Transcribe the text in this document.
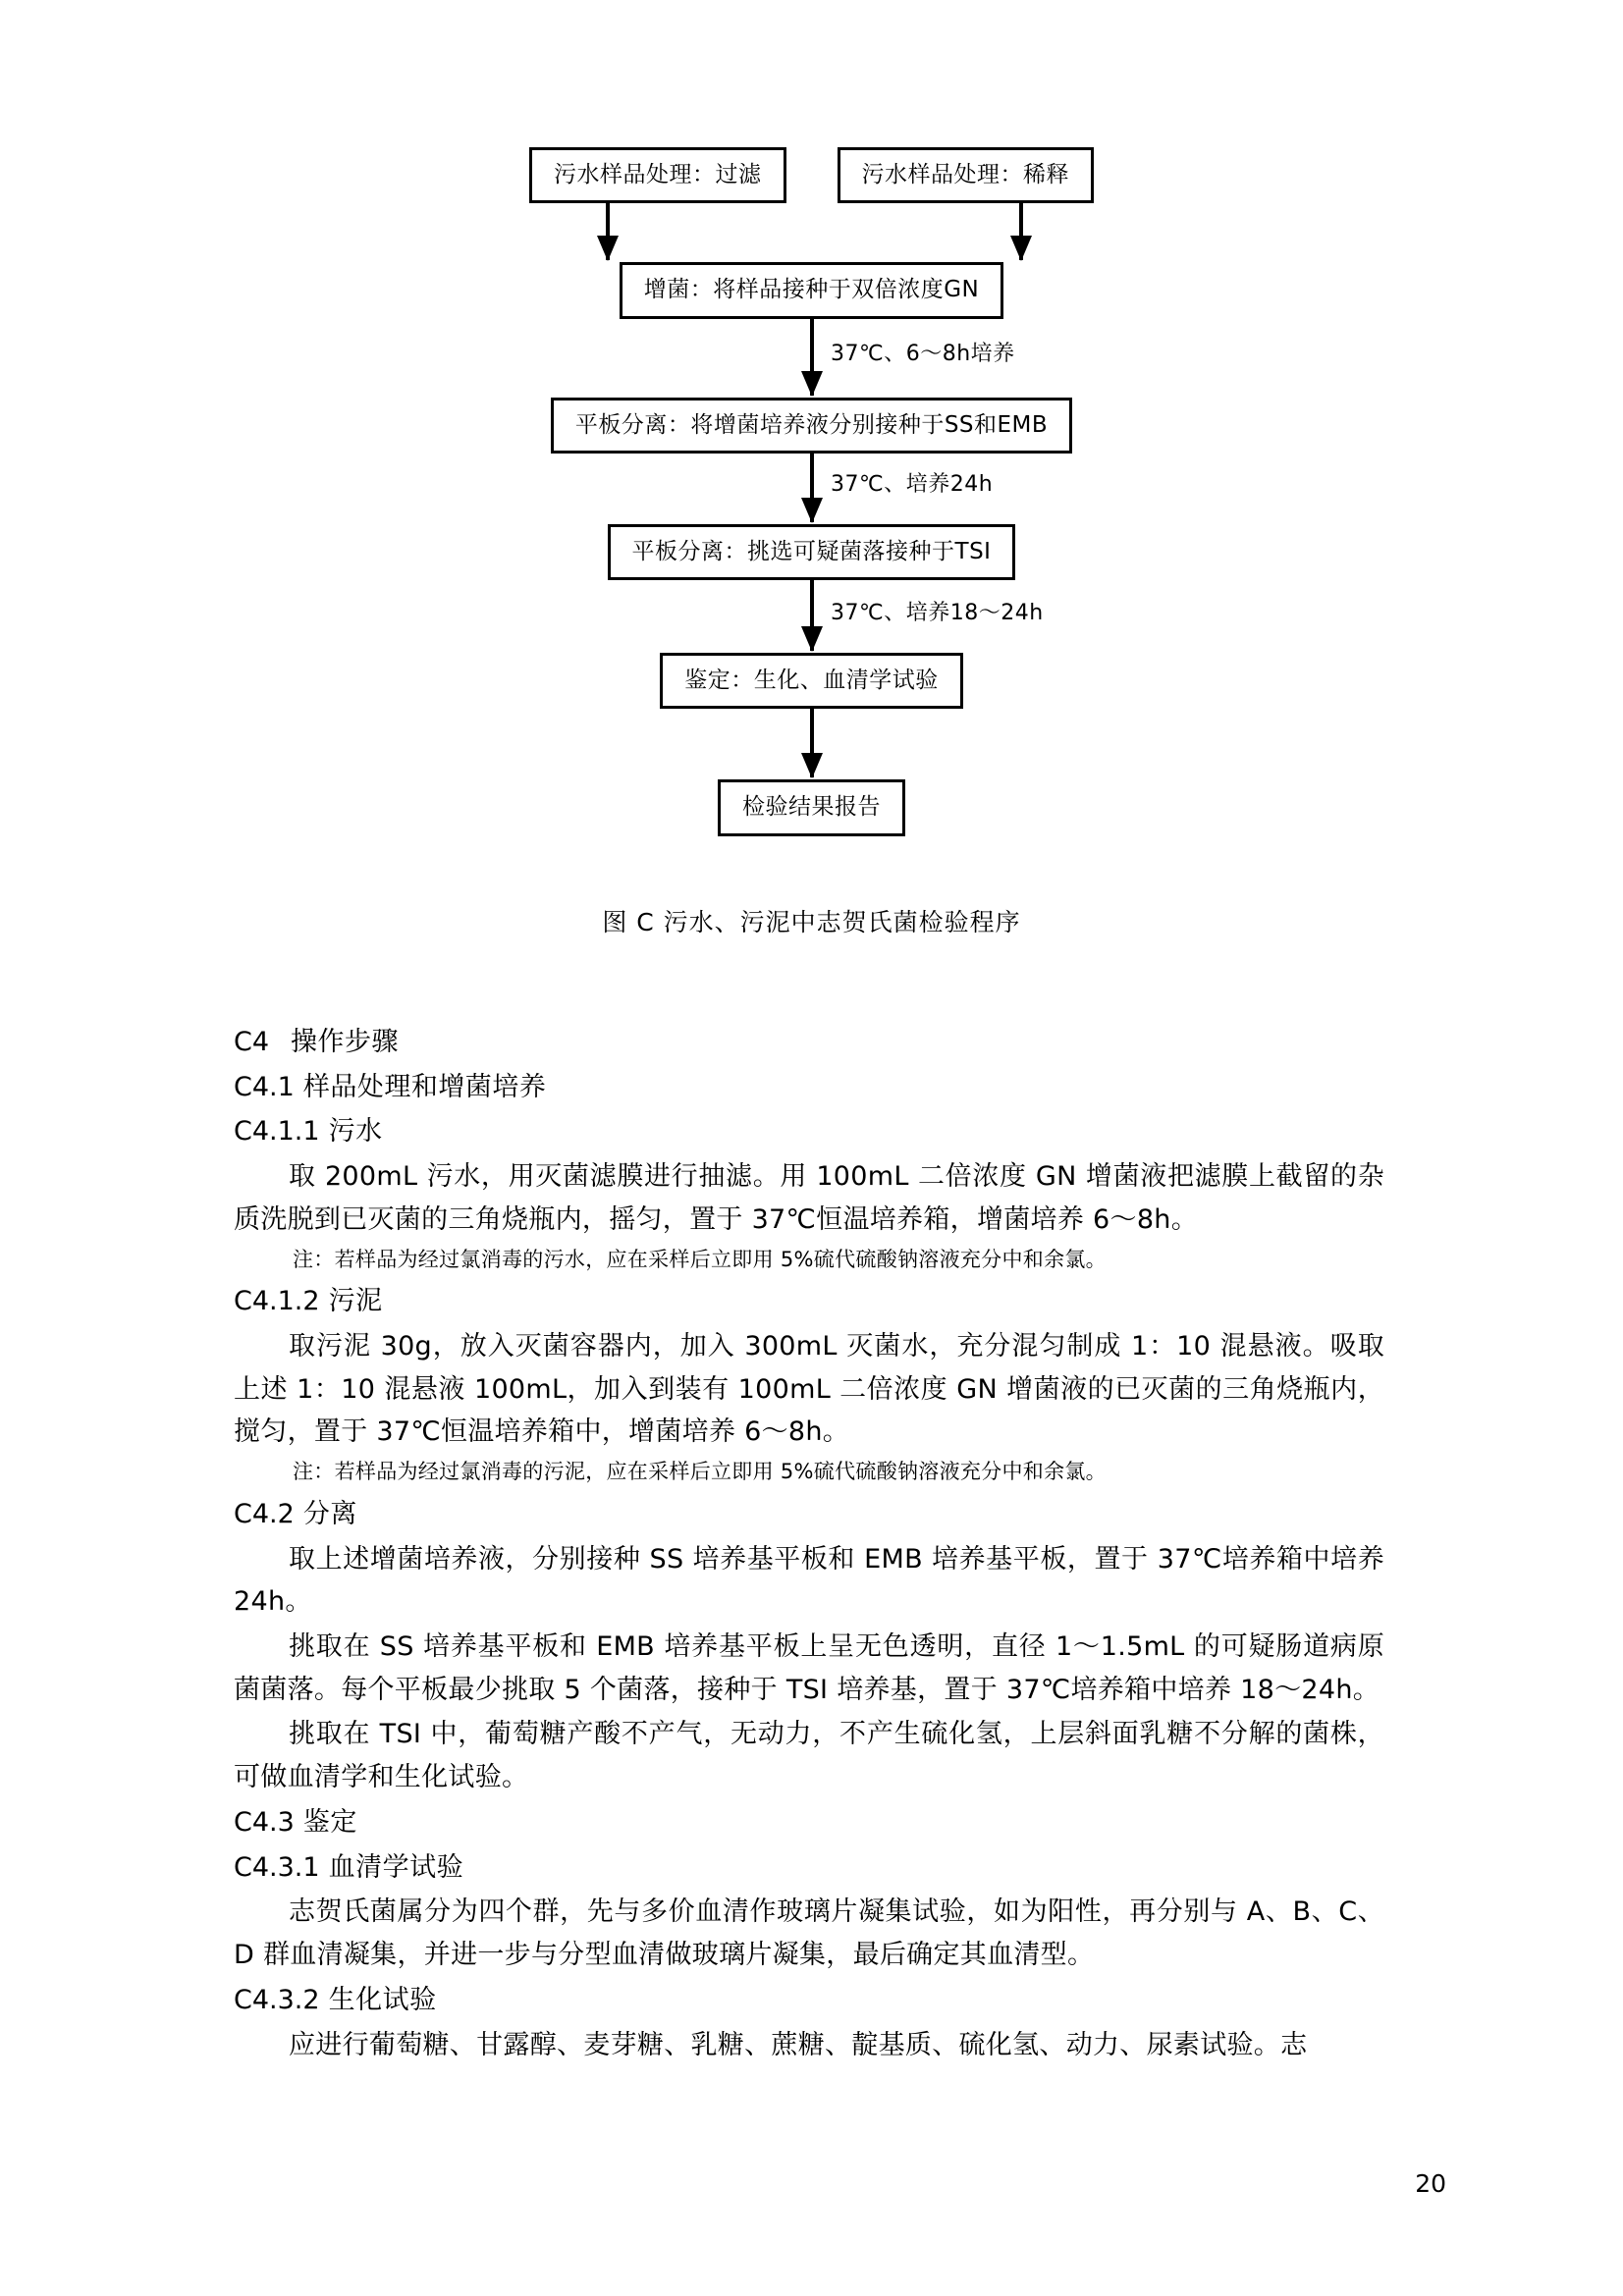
污水样品处理：过滤	污水样品处理：稀释
增菌：将样品接种于双倍浓度GN
37℃、6～8h培养
平板分离：将增菌培养液分别接种于SS和EMB
37℃、培养24h
平板分离：挑选可疑菌落接种于TSI
37℃、培养18～24h
鉴定：生化、血清学试验
检验结果报告
图 C 污水、污泥中志贺氏菌检验程序
C4 操作步骤
C4.1 样品处理和增菌培养
C4.1.1 污水

取 200mL 污水，用灭菌滤膜进行抽滤。用 100mL 二倍浓度 GN 增菌液把滤膜上截留的杂质洗脱到已灭菌的三角烧瓶内，摇匀，置于 37℃恒温培养箱，增菌培养 6～8h。

注：若样品为经过氯消毒的污水，应在采样后立即用 5%硫代硫酸钠溶液充分中和余氯。

C4.1.2 污泥

取污泥 30g，放入灭菌容器内，加入 300mL 灭菌水，充分混匀制成 1：10 混悬液。吸取上述 1：10 混悬液 100mL，加入到装有 100mL 二倍浓度 GN 增菌液的已灭菌的三角烧瓶内，搅匀，置于 37℃恒温培养箱中，增菌培养 6～8h。

注：若样品为经过氯消毒的污泥，应在采样后立即用 5%硫代硫酸钠溶液充分中和余氯。

C4.2 分离

取上述增菌培养液，分别接种 SS 培养基平板和 EMB 培养基平板，置于 37℃培养箱中培养 24h。

挑取在 SS 培养基平板和 EMB 培养基平板上呈无色透明，直径 1～1.5mL 的可疑肠道病原菌菌落。每个平板最少挑取 5 个菌落，接种于 TSI 培养基，置于 37℃培养箱中培养 18～24h。

挑取在 TSI 中，葡萄糖产酸不产气，无动力，不产生硫化氢，上层斜面乳糖不分解的菌株，可做血清学和生化试验。

C4.3 鉴定
C4.3.1 血清学试验

志贺氏菌属分为四个群，先与多价血清作玻璃片凝集试验，如为阳性，再分别与 A、B、C、D 群血清凝集，并进一步与分型血清做玻璃片凝集，最后确定其血清型。

C4.3.2 生化试验

应进行葡萄糖、甘露醇、麦芽糖、乳糖、蔗糖、靛基质、硫化氢、动力、尿素试验。志

20
